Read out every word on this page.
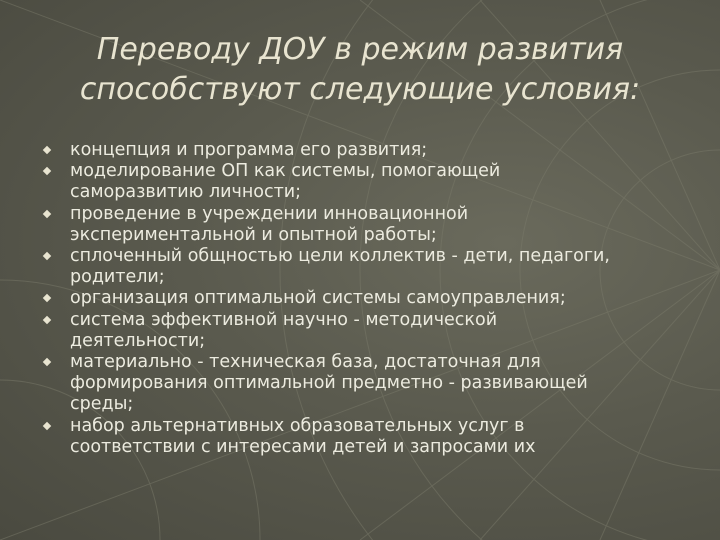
Переводу ДОУ в режим развития
способствуют следующие условия:
концепция и программа его развития;
моделирование ОП как системы, помогающей
саморазвитию личности;
проведение в учреждении инновационной
экспериментальной и опытной работы;
сплоченный общностью цели коллектив - дети, педагоги,
родители;
организация оптимальной системы самоуправления;
система эффективной научно - методической
деятельности;
материально - техническая база, достаточная для
формирования оптимальной предметно - развивающей
среды;
набор альтернативных образовательных услуг в
соответствии с интересами детей и запросами их
